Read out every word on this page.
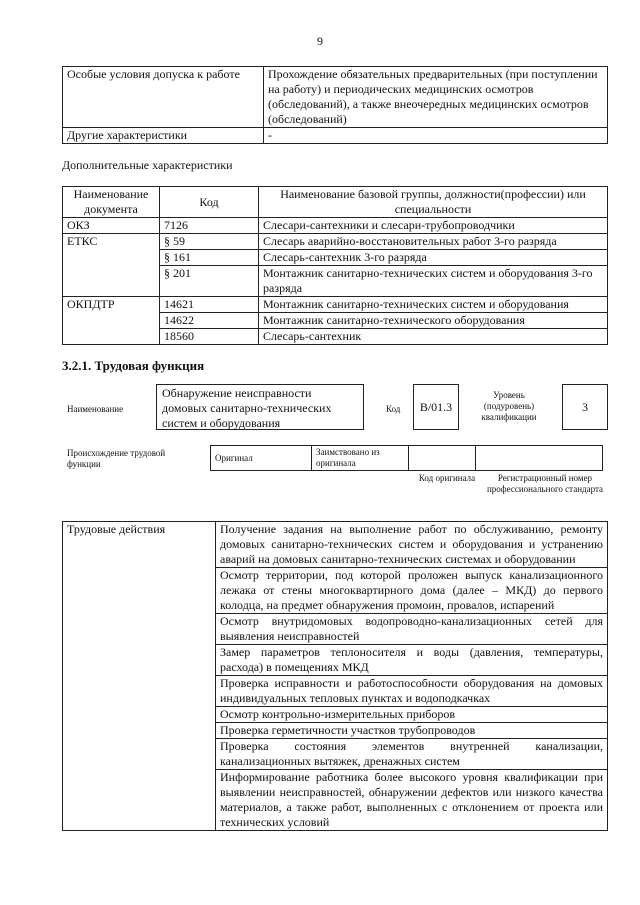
9
Особые условия допуска к работе	Прохождение обязательных предварительных (при поступлении на работу) и периодических медицинских осмотров (обследований), а также внеочередных медицинских осмотров (обследований)
Другие характеристики	-
Дополнительные характеристики
Наименование документа	Код	Наименование базовой группы, должности(профессии) или специальности
ОКЗ	7126	Слесари-сантехники и слесари-трубопроводчики
ЕТКС	§ 59	Слесарь аварийно-восстановительных работ 3-го разряда
	§ 161	Слесарь-сантехник 3-го разряда
	§ 201	Монтажник санитарно-технических систем и оборудования 3-го разряда
ОКПДТР	14621	Монтажник санитарно-технических систем и оборудования
	14622	Монтажник санитарно-технического оборудования
	18560	Слесарь-сантехник
3.2.1. Трудовая функция
Наименование
Обнаружение неисправности домовых санитарно-технических систем и оборудования
Код	В/01.3
Уровень (подуровень) квалификации
3
Происхождение трудовой функции
Оригинал	Заимствовано из оригинала		
Код оригинала	Регистрационный номер профессионального стандарта
Трудовые действия	Получение задания на выполнение работ по обслуживанию, ремонту домовых санитарно-технических систем и оборудования и устранению аварий на домовых санитарно-технических системах и оборудовании
Осмотр территории, под которой проложен выпуск канализационного лежака от стены многоквартирного дома (далее – МКД) до первого колодца, на предмет обнаружения промоин, провалов, испарений
Осмотр внутридомовых водопроводно-канализационных сетей для выявления неисправностей
Замер параметров теплоносителя и воды (давления, температуры, расхода) в помещениях МКД
Проверка исправности и работоспособности оборудования на домовых индивидуальных тепловых пунктах и водоподкачках
Осмотр контрольно-измерительных приборов
Проверка герметичности участков трубопроводов
Проверка состояния элементов внутренней канализации, канализационных вытяжек, дренажных систем
Информирование работника более высокого уровня квалификации при выявлении неисправностей, обнаружении дефектов или низкого качества материалов, а также работ, выполненных с отклонением от проекта или технических условий
